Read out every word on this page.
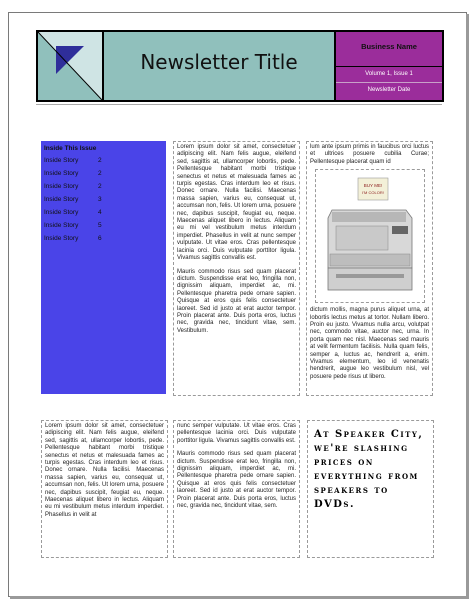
Newsletter Title
Business Name
Volume 1, Issue 1
Newsletter Date
Inside This Issue
Inside Story	2
Inside Story	2
Inside Story	2
Inside Story	3
Inside Story	4
Inside Story	5
Inside Story	6

Lorem ipsum dolor sit amet, consectetuer adipiscing elit. Nam felis augue, eleifend sed, sagittis at, ullamcorper lobortis, pede. Pellentesque habitant morbi tristique senectus et netus et malesuada fames ac turpis egestas. Cras interdum leo et risus. Donec ornare. Nulla facilisi. Maecenas massa sapien, varius eu, consequat ut, accumsan non, felis. Ut lorem urna, posuere nec, dapibus suscipit, feugiat eu, neque. Maecenas aliquet libero in lectus. Aliquam eu mi vel vestibulum metus interdum imperdiet. Phasellus in velit at nunc semper vulputate. Ut vitae eros. Cras pellentesque lacinia orci. Duis vulputate porttitor ligula. Vivamus sagittis convallis est.

Mauris commodo risus sed quam placerat dictum. Suspendisse erat leo, fringilla non, dignissim aliquam, imperdiet ac, mi. Pellentesque pharetra pede ornare sapien. Quisque at eros quis felis consectetuer laoreet. Sed id justo at erat auctor tempor. Proin placerat ante. Duis porta eros, luctus nec, gravida nec, tincidunt vitae, sem. Vestibulum.

lum ante ipsum primis in faucibus orci luctus et ultrices posuere cubilia Curae; Pellentesque placerat quam id

BUY ME!
I'M COLOR!

dictum mollis, magna purus aliquet urna, at lobortis lectus metus at tortor. Nullam libero. Proin eu justo. Vivamus nulla arcu, volutpat nec, commodo vitae, auctor nec, urna. In porta quam nec nisl. Maecenas sed mauris at velit fermentum facilisis. Nulla quam felis, semper a, luctus ac, hendrerit a, enim. Vivamus elementum, leo id venenatis hendrerit, augue leo vestibulum nisl, vel posuere pede risus ut libero.

Lorem ipsum dolor sit amet, consectetuer adipiscing elit. Nam felis augue, eleifend sed, sagittis at, ullamcorper lobortis, pede. Pellentesque habitant morbi tristique senectus et netus et malesuada fames ac turpis egestas. Cras interdum leo et risus. Donec ornare. Nulla facilisi. Maecenas massa sapien, varius eu, consequat ut, accumsan non, felis. Ut lorem urna, posuere nec, dapibus suscipit, feugiat eu, neque. Maecenas aliquet libero in lectus. Aliquam eu mi vestibulum metus interdum imperdiet. Phasellus in velit at

nunc semper vulputate. Ut vitae eros. Cras pellentesque lacinia orci. Duis vulputate porttitor ligula. Vivamus sagittis convallis est.

Mauris commodo risus sed quam placerat dictum. Suspendisse erat leo, fringilla non, dignissim aliquam, imperdiet ac, mi. Pellentesque pharetra pede ornare sapien. Quisque at eros quis felis consectetuer laoreet. Sed id justo at erat auctor tempor. Proin placerat ante. Duis porta eros, luctus nec, gravida nec, tincidunt vitae, sem.

At Speaker City, we're slashing prices on everything from speakers to DVDs.
